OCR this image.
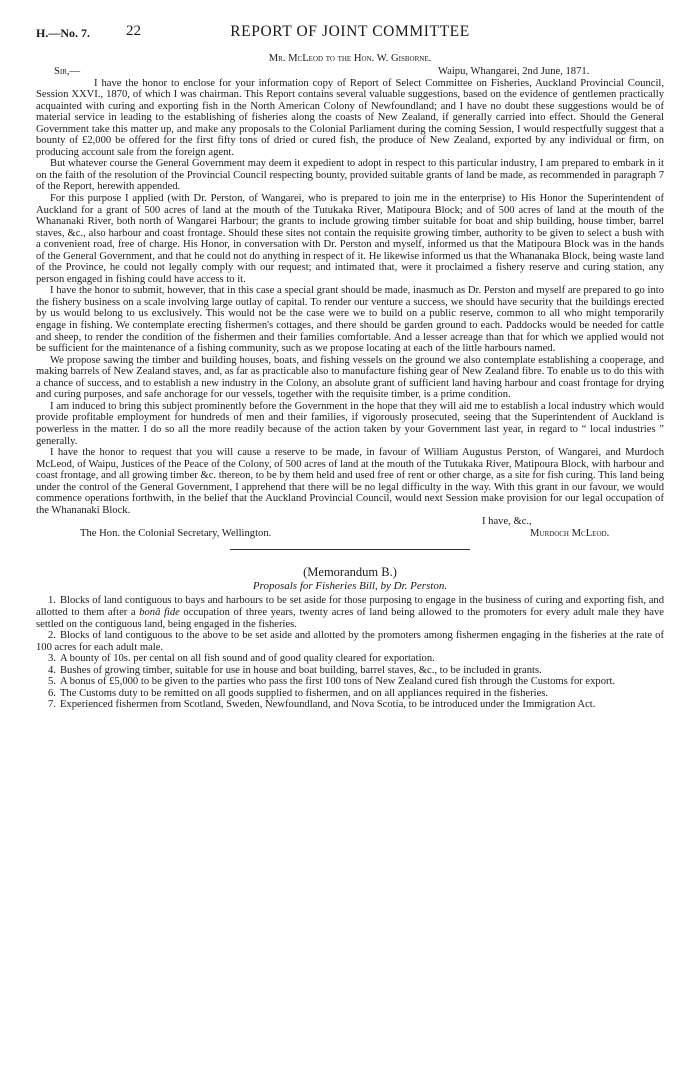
H.—No. 7. 22	REPORT OF JOINT COMMITTEE
Mr. McLeod to the Hon. W. Gisborne.
Sir,—	Waipu, Whangarei, 2nd June, 1871.

I have the honor to enclose for your information copy of Report of Select Committee on Fisheries, Auckland Provincial Council, Session XXVI., 1870, of which I was chairman. This Report contains several valuable suggestions, based on the evidence of gentlemen practically acquainted with curing and exporting fish in the North American Colony of Newfoundland; and I have no doubt these suggestions would be of material service in leading to the establishing of fisheries along the coasts of New Zealand, if generally carried into effect. Should the General Government take this matter up, and make any proposals to the Colonial Parliament during the coming Session, I would respectfully suggest that a bounty of £2,000 be offered for the first fifty tons of dried or cured fish, the produce of New Zealand, exported by any individual or firm, on producing account sale from the foreign agent.

But whatever course the General Government may deem it expedient to adopt in respect to this particular industry, I am prepared to embark in it on the faith of the resolution of the Provincial Council respecting bounty, provided suitable grants of land be made, as recommended in paragraph 7 of the Report, herewith appended.

For this purpose I applied (with Dr. Perston, of Wangarei, who is prepared to join me in the enterprise) to His Honor the Superintendent of Auckland for a grant of 500 acres of land at the mouth of the Tutukaka River, Matipoura Block; and of 500 acres of land at the mouth of the Whananaki River, both north of Wangarei Harbour; the grants to include growing timber suitable for boat and ship building, house timber, barrel staves, &c., also harbour and coast frontage. Should these sites not contain the requisite growing timber, authority to be given to select a bush with a convenient road, free of charge. His Honor, in conversation with Dr. Perston and myself, informed us that the Matipoura Block was in the hands of the General Government, and that he could not do anything in respect of it. He likewise informed us that the Whananaka Block, being waste land of the Province, he could not legally comply with our request; and intimated that, were it proclaimed a fishery reserve and curing station, any person engaged in fishing could have access to it.

I have the honor to submit, however, that in this case a special grant should be made, inasmuch as Dr. Perston and myself are prepared to go into the fishery business on a scale involving large outlay of capital. To render our venture a success, we should have security that the buildings erected by us would belong to us exclusively. This would not be the case were we to build on a public reserve, common to all who might temporarily engage in fishing. We contemplate erecting fishermen's cottages, and there should be garden ground to each. Paddocks would be needed for cattle and sheep, to render the condition of the fishermen and their families comfortable. And a lesser acreage than that for which we applied would not be sufficient for the maintenance of a fishing community, such as we propose locating at each of the little harbours named.

We propose sawing the timber and building houses, boats, and fishing vessels on the ground we also contemplate establishing a cooperage, and making barrels of New Zealand staves, and, as far as practicable also to manufacture fishing gear of New Zealand fibre. To enable us to do this with a chance of success, and to establish a new industry in the Colony, an absolute grant of sufficient land having harbour and coast frontage for drying and curing purposes, and safe anchorage for our vessels, together with the requisite timber, is a prime condition.

I am induced to bring this subject prominently before the Government in the hope that they will aid me to establish a local industry which would provide profitable employment for hundreds of men and their families, if vigorously prosecuted, seeing that the Superintendent of Auckland is powerless in the matter. I do so all the more readily because of the action taken by your Government last year, in regard to “ local industries ” generally.

I have the honor to request that you will cause a reserve to be made, in favour of William Augustus Perston, of Wangarei, and Murdoch McLeod, of Waipu, Justices of the Peace of the Colony, of 500 acres of land at the mouth of the Tutukaka River, Matipoura Block, with harbour and coast frontage, and all growing timber &c. thereon, to be by them held and used free of rent or other charge, as a site for fish curing. This land being under the control of the General Government, I apprehend that there will be no legal difficulty in the way. With this grant in our favour, we would commence operations forthwith, in the belief that the Auckland Provincial Council, would next Session make provision for our legal occupation of the Whananaki Block.

I have, &c.,
The Hon. the Colonial Secretary, Wellington.	Murdoch McLeod.
(Memorandum B.)
Proposals for Fisheries Bill, by Dr. Perston.

1. Blocks of land contiguous to bays and harbours to be set aside for those purposing to engage in the business of curing and exporting fish, and allotted to them after a bonâ fide occupation of three years, twenty acres of land being allowed to the promoters for every adult male they have settled on the contiguous land, being engaged in the fisheries.

2. Blocks of land contiguous to the above to be set aside and allotted by the promoters among fishermen engaging in the fisheries at the rate of 100 acres for each adult male.

3. A bounty of 10s. per cental on all fish sound and of good quality cleared for exportation.

4. Bushes of growing timber, suitable for use in house and boat building, barrel staves, &c., to be included in grants.

5. A bonus of £5,000 to be given to the parties who pass the first 100 tons of New Zealand cured fish through the Customs for export.

6. The Customs duty to be remitted on all goods supplied to fishermen, and on all appliances required in the fisheries.

7. Experienced fishermen from Scotland, Sweden, Newfoundland, and Nova Scotia, to be introduced under the Immigration Act.
